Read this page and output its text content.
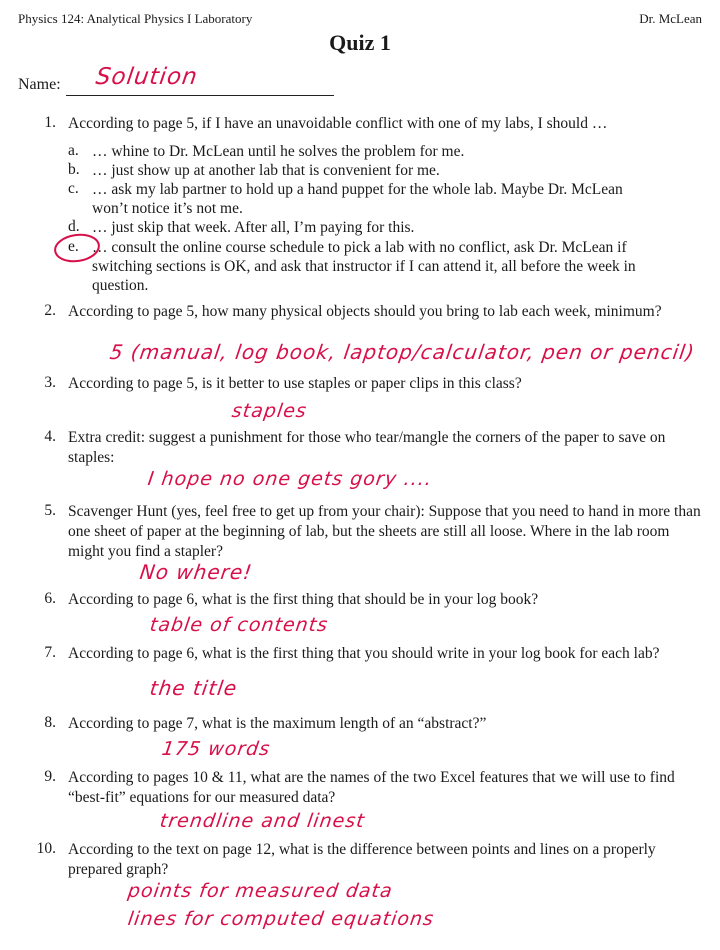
Physics 124: Analytical Physics I Laboratory	Dr. McLean
Quiz 1
Name: Solution
1. According to page 5, if I have an unavoidable conflict with one of my labs, I should …
a. … whine to Dr. McLean until he solves the problem for me.
b. … just show up at another lab that is convenient for me.
c. … ask my lab partner to hold up a hand puppet for the whole lab. Maybe Dr. McLean won’t notice it’s not me.
d. … just skip that week. After all, I’m paying for this.
e. … consult the online course schedule to pick a lab with no conflict, ask Dr. McLean if switching sections is OK, and ask that instructor if I can attend it, all before the week in question.
2. According to page 5, how many physical objects should you bring to lab each week, minimum?
5 (manual, log book, laptop/calculator, pen or pencil)
3. According to page 5, is it better to use staples or paper clips in this class?
staples
4. Extra credit: suggest a punishment for those who tear/mangle the corners of the paper to save on staples:
I hope no one gets gory ....
5. Scavenger Hunt (yes, feel free to get up from your chair): Suppose that you need to hand in more than one sheet of paper at the beginning of lab, but the sheets are still all loose. Where in the lab room might you find a stapler?
No where!
6. According to page 6, what is the first thing that should be in your log book?
table of contents
7. According to page 6, what is the first thing that you should write in your log book for each lab?
the title
8. According to page 7, what is the maximum length of an “abstract?”
175 words
9. According to pages 10 & 11, what are the names of the two Excel features that we will use to find “best-fit” equations for our measured data?
trendline and linest
10. According to the text on page 12, what is the difference between points and lines on a properly prepared graph?
points for measured data
lines for computed equations
